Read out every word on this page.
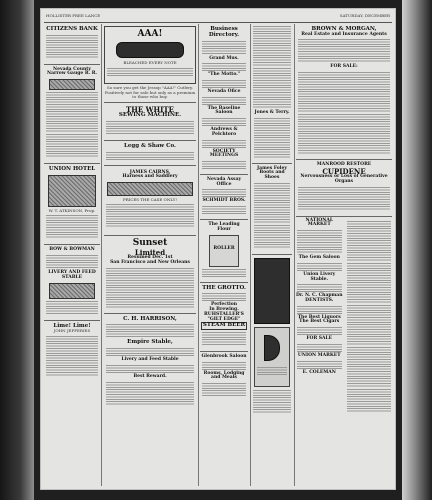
HOLLISTER FREE LANCE	SATURDAY, DECEMBER
CITIZENS BANK
Nevada County Narrow Gauge R. R.
UNION HOTEL
W. T. ATKINSON, Prop.
BOW & BOWMAN
LIVERY AND FEED STABLE
Lime! Lime!
JOHN JEFFERIES
AAA!
BLEACHED EVERY NOTE
So sure you get the Jessop "AAA!" Cutlery. Positively not for sale but only as a premium to those who buy.
THE WHITE
SEWING MACHINE.
Legg & Shaw Co.
JAMES CAIRNS,
Harness and Saddlery
PRICES THE CASE ONLY!
Sunset
Limited
Resumed Dec. 1st
San Francisco and New Orleans
C. H. HARRISON,
Empire Stable,
Livery and Feed Stable
Best Reward.
Business Directory.
Grand Mus.
"The Motto."
Nevada Ofice
The Baseline Saloon
Andrews & Pelchtoro
SOCIETY MEETINGS
Nevada Assay Office
SCHMIDT BROS.
The Leading Flour
ROLLER
THE GROTTO.
Perfection
In Brewing.
RUHSTALLER'S
"GILT EDGE"
STEAM BEER
Glenbrook Saloon
Rooms, Lodging and Meals
Jones & Terry.
James Foley
Boots and Shoes
BROWN & MORGAN,
Real Estate and Insurance Agents
FOR SALE:
MANROOD RESTORE
CUPIDENE
Nervousness or Loss of Generative Organs
NATIONAL MARKET
The Gem Saloon
Union Livery Stable.
Dr. N. C. Chapman
DENTISTS.
The Best Liquors
The Best Cigars
FOR SALE
UNION MARKET
E. COLEMAN
